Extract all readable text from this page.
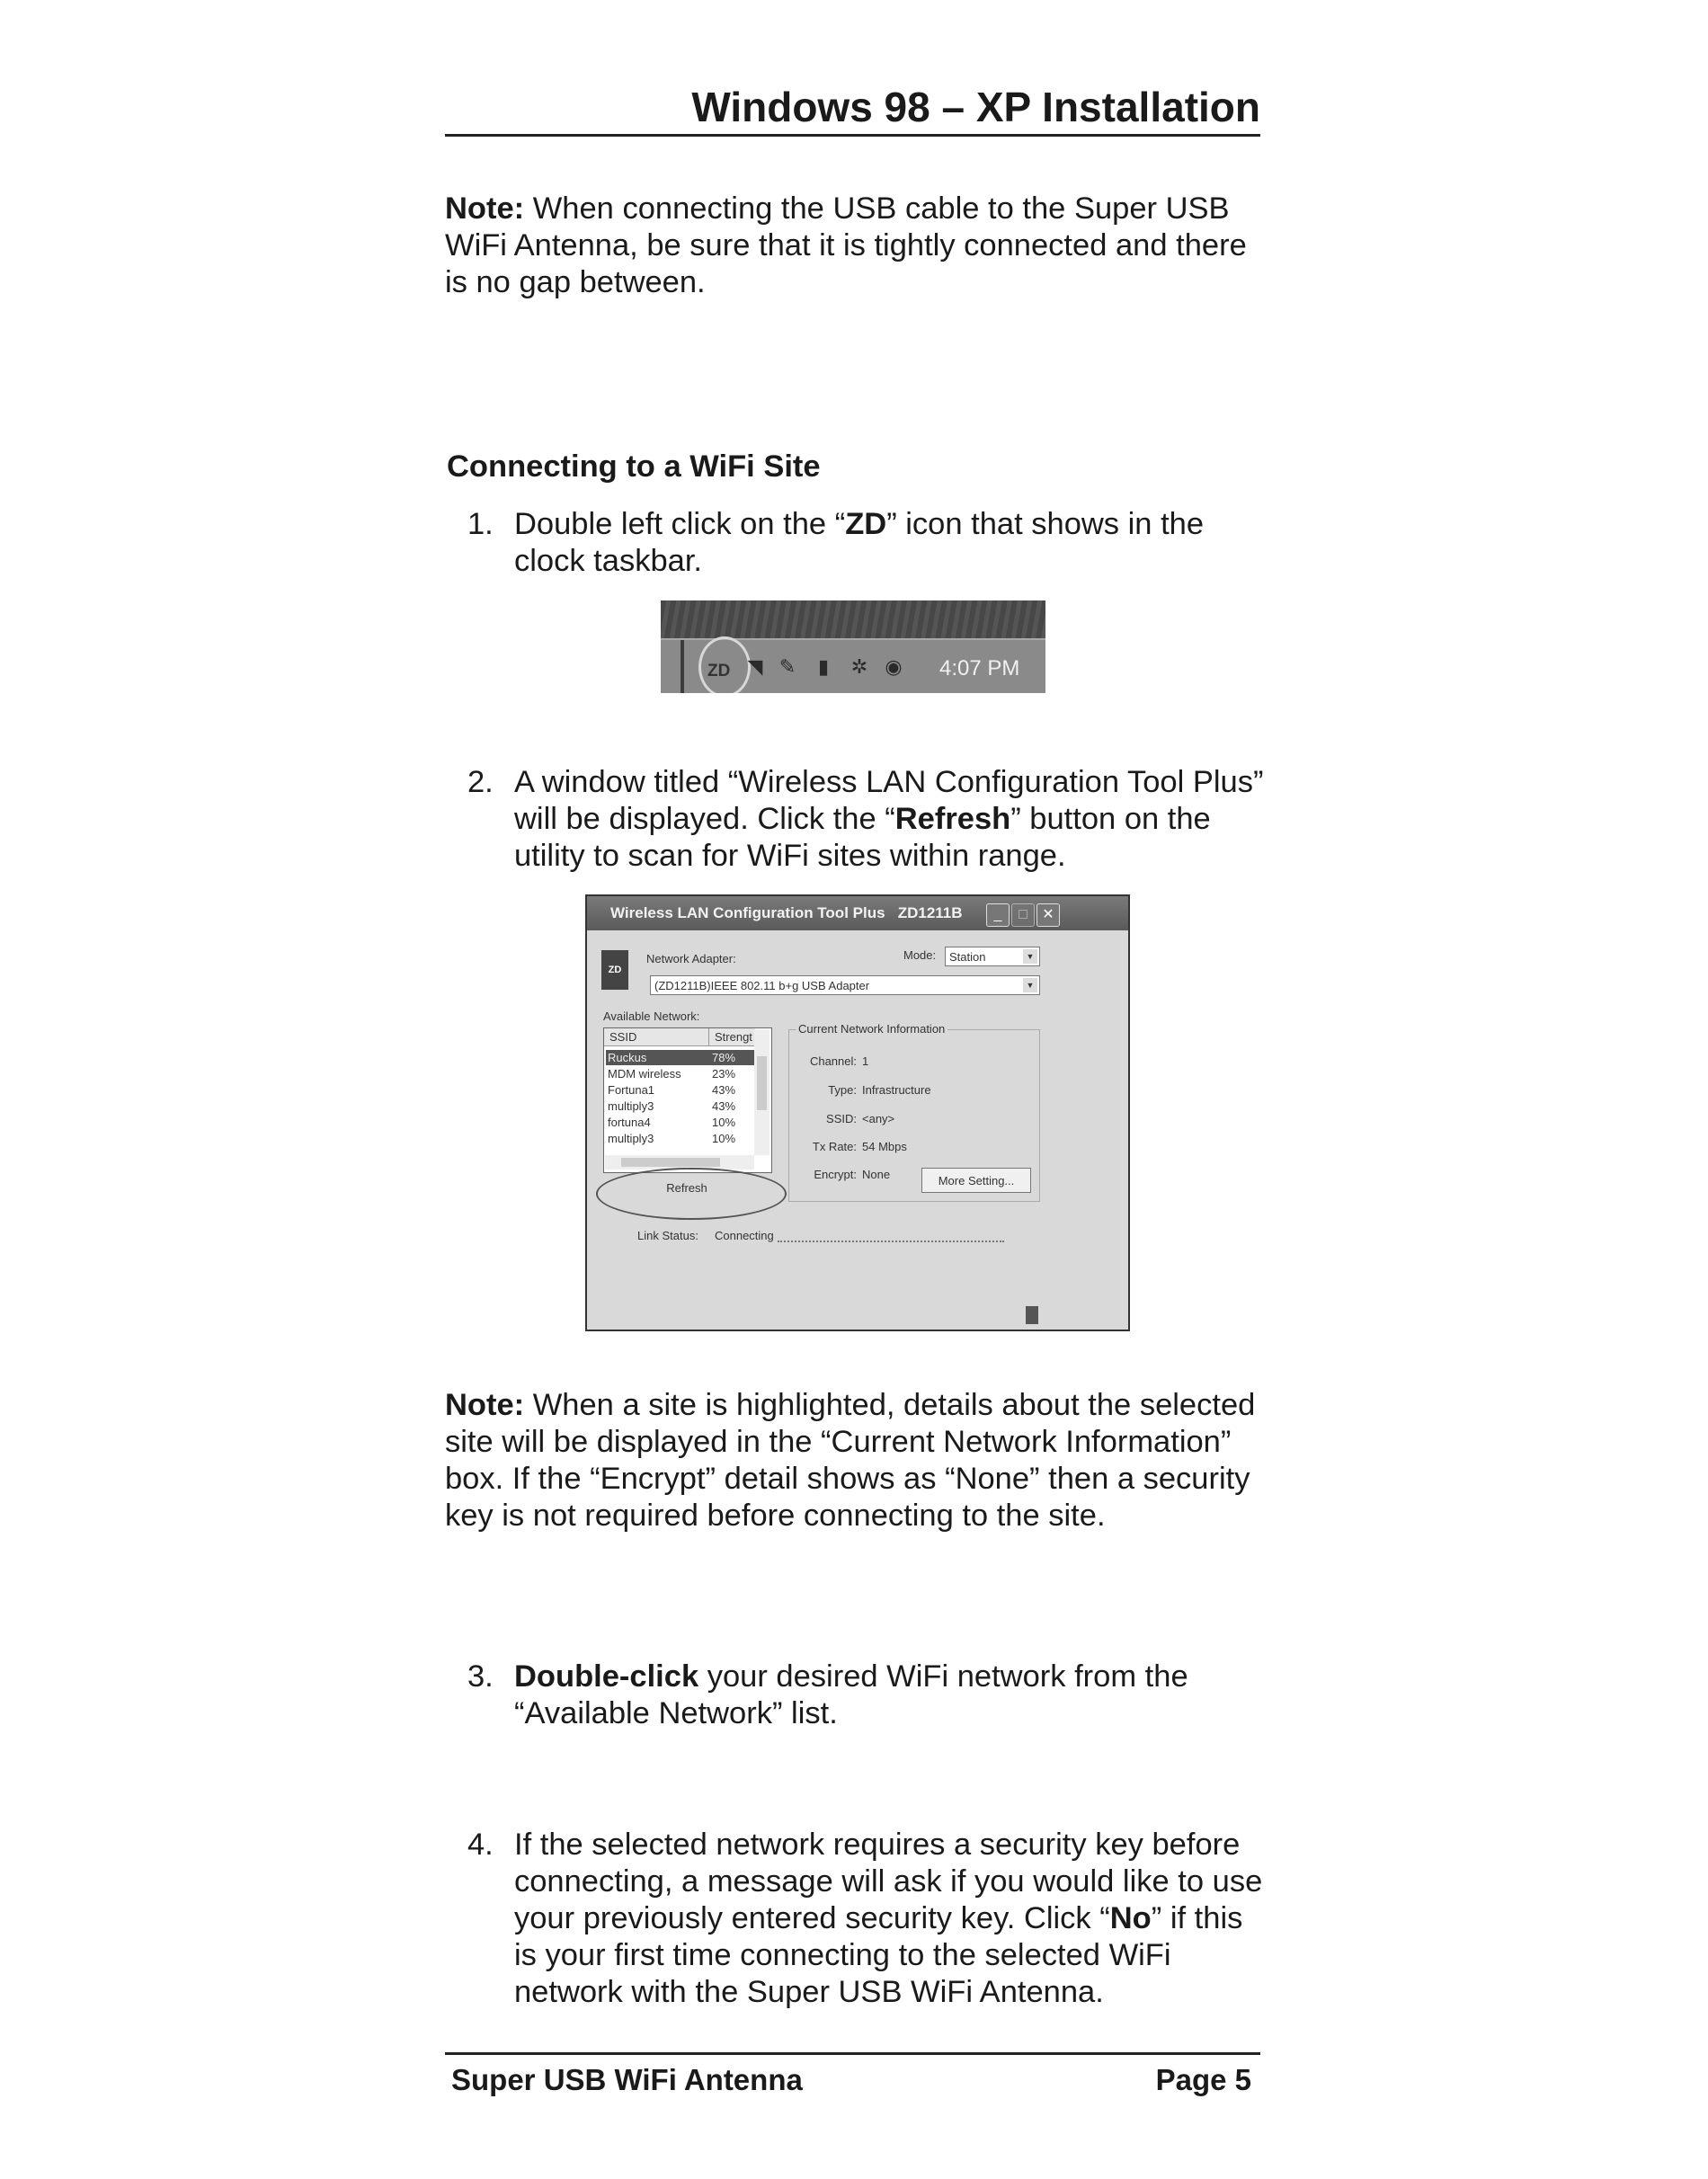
Windows 98 – XP Installation
Note: When connecting the USB cable to the Super USB WiFi Antenna, be sure that it is tightly connected and there is no gap between.
Connecting to a WiFi Site
1. Double left click on the “ZD” icon that shows in the clock taskbar.
ZD ◥ ✎	▮	✲ ◉ 4:07 PM
2. A window titled “Wireless LAN Configuration Tool Plus” will be displayed. Click the “Refresh” button on the utility to scan for WiFi sites within range.
Wireless LAN Configuration Tool Plus   ZD1211B	_	□	✕
ZD
Network Adapter:	Mode:	Station	▼
(ZD1211B)IEEE 802.11 b+g USB Adapter	▼
Available Network:
SSID	Strengt
Ruckus	78%
MDM wireless	23%
Fortuna1	43%
multiply3	43%
fortuna4	10%
multiply3	10%
Refresh
Current Network Information
Channel: 1
Type: Infrastructure
SSID: <any>
Tx Rate: 54 Mbps
Encrypt: None	More Setting...
Link Status: Connecting
Note: When a site is highlighted, details about the selected site will be displayed in the “Current Network Information” box. If the “Encrypt” detail shows as “None” then a security key is not required before connecting to the site.
3. Double-click your desired WiFi network from the “Available Network” list.
4. If the selected network requires a security key before connecting, a message will ask if you would like to use your previously entered security key. Click “No” if this is your first time connecting to the selected WiFi network with the Super USB WiFi Antenna.
Super USB WiFi Antenna	Page 5
